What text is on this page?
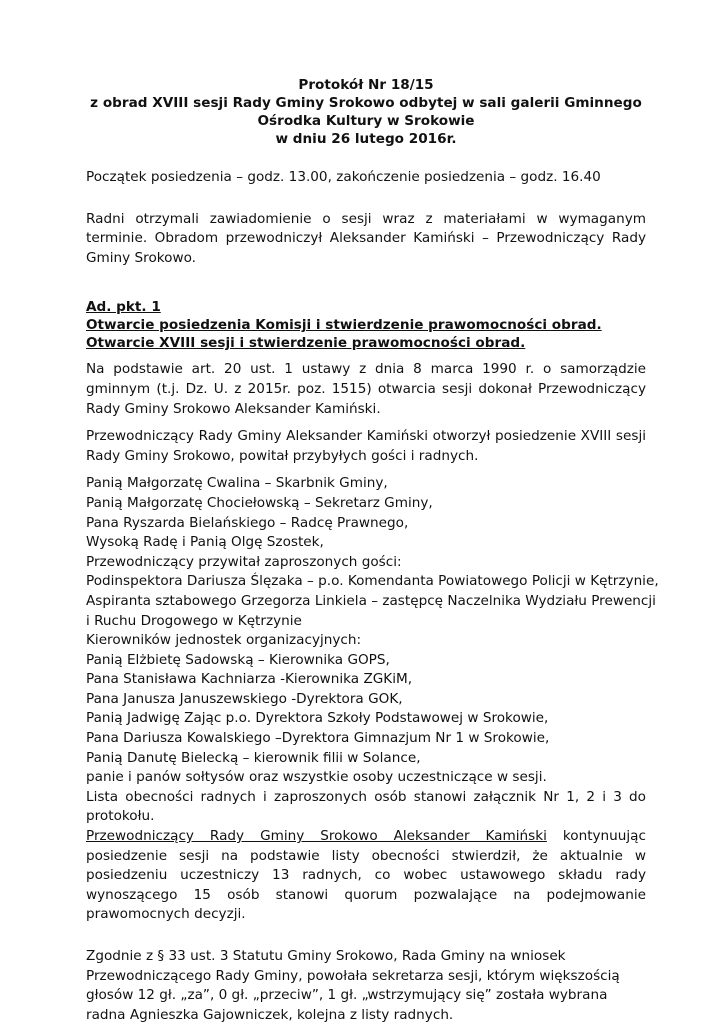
Protokół Nr 18/15
z obrad XVIII sesji Rady Gminy Srokowo odbytej w sali galerii Gminnego
Ośrodka Kultury w Srokowie
w dniu 26 lutego 2016r.

Początek posiedzenia – godz. 13.00, zakończenie posiedzenia – godz. 16.40

Radni otrzymali zawiadomienie o sesji wraz z materiałami w wymaganym terminie. Obradom przewodniczył Aleksander Kamiński – Przewodniczący Rady Gminy Srokowo.

Ad. pkt. 1
Otwarcie posiedzenia Komisji i stwierdzenie prawomocności obrad.
Otwarcie XVIII sesji i stwierdzenie prawomocności obrad.

Na podstawie art. 20 ust. 1 ustawy z dnia 8 marca 1990 r. o samorządzie gminnym (t.j. Dz. U. z 2015r. poz. 1515) otwarcia sesji dokonał Przewodniczący Rady Gminy Srokowo Aleksander Kamiński.

Przewodniczący Rady Gminy Aleksander Kamiński otworzył posiedzenie XVIII sesji Rady Gminy Srokowo, powitał przybyłych gości i radnych.

Panią Małgorzatę Cwalina – Skarbnik Gminy,
Panią Małgorzatę Chociełowską – Sekretarz Gminy,
Pana Ryszarda Bielańskiego – Radcę Prawnego,
Wysoką Radę i Panią Olgę Szostek,
Przewodniczący przywitał zaproszonych gości:
Podinspektora Dariusza Ślęzaka – p.o. Komendanta Powiatowego Policji w Kętrzynie,
Aspiranta sztabowego Grzegorza Linkiela – zastępcę Naczelnika Wydziału Prewencji
i Ruchu Drogowego w Kętrzynie
Kierowników jednostek organizacyjnych:
Panią Elżbietę Sadowską – Kierownika GOPS,
Pana Stanisława Kachniarza -Kierownika ZGKiM,
Pana Janusza Januszewskiego -Dyrektora GOK,
Panią Jadwigę Zając p.o. Dyrektora Szkoły Podstawowej w Srokowie,
Pana Dariusza Kowalskiego –Dyrektora Gimnazjum Nr 1 w Srokowie,
Panią Danutę Bielecką – kierownik filii w Solance,
panie i panów sołtysów oraz wszystkie osoby uczestniczące w sesji.

Lista obecności radnych i zaproszonych osób stanowi załącznik Nr 1, 2 i 3 do protokołu.

Przewodniczący Rady Gminy Srokowo Aleksander Kamiński kontynuując posiedzenie sesji na podstawie listy obecności stwierdził, że aktualnie w posiedzeniu uczestniczy 13 radnych, co wobec ustawowego składu rady wynoszącego 15 osób stanowi quorum pozwalające na podejmowanie prawomocnych decyzji.

Zgodnie z § 33 ust. 3 Statutu Gminy Srokowo, Rada Gminy na wniosek Przewodniczącego Rady Gminy, powołała sekretarza sesji, którym większością głosów 12 gł. „za”, 0 gł. „przeciw”, 1 gł. „wstrzymujący się” została wybrana radna Agnieszka Gajowniczek, kolejna z listy radnych.
